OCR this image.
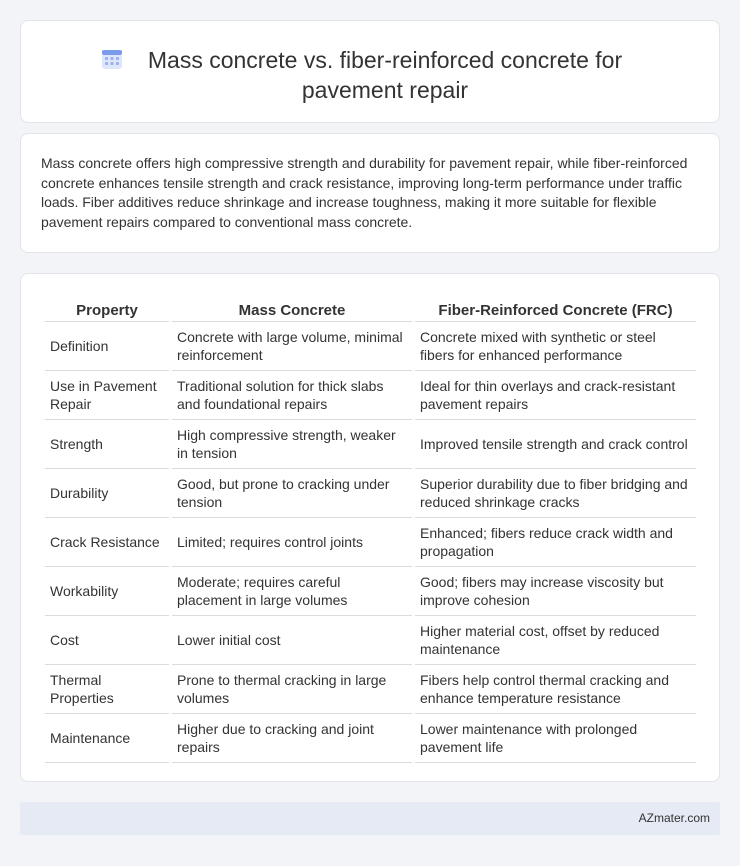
Mass concrete vs. fiber-reinforced concrete for pavement repair

Mass concrete offers high compressive strength and durability for pavement repair, while fiber-reinforced concrete enhances tensile strength and crack resistance, improving long-term performance under traffic loads. Fiber additives reduce shrinkage and increase toughness, making it more suitable for flexible pavement repairs compared to conventional mass concrete.

Property	Mass Concrete	Fiber-Reinforced Concrete (FRC)
Definition	Concrete with large volume, minimal reinforcement	Concrete mixed with synthetic or steel fibers for enhanced performance
Use in Pavement Repair	Traditional solution for thick slabs and foundational repairs	Ideal for thin overlays and crack-resistant pavement repairs
Strength	High compressive strength, weaker in tension	Improved tensile strength and crack control
Durability	Good, but prone to cracking under tension	Superior durability due to fiber bridging and reduced shrinkage cracks
Crack Resistance	Limited; requires control joints	Enhanced; fibers reduce crack width and propagation
Workability	Moderate; requires careful placement in large volumes	Good; fibers may increase viscosity but improve cohesion
Cost	Lower initial cost	Higher material cost, offset by reduced maintenance
Thermal Properties	Prone to thermal cracking in large volumes	Fibers help control thermal cracking and enhance temperature resistance
Maintenance	Higher due to cracking and joint repairs	Lower maintenance with prolonged pavement life
AZmater.com
